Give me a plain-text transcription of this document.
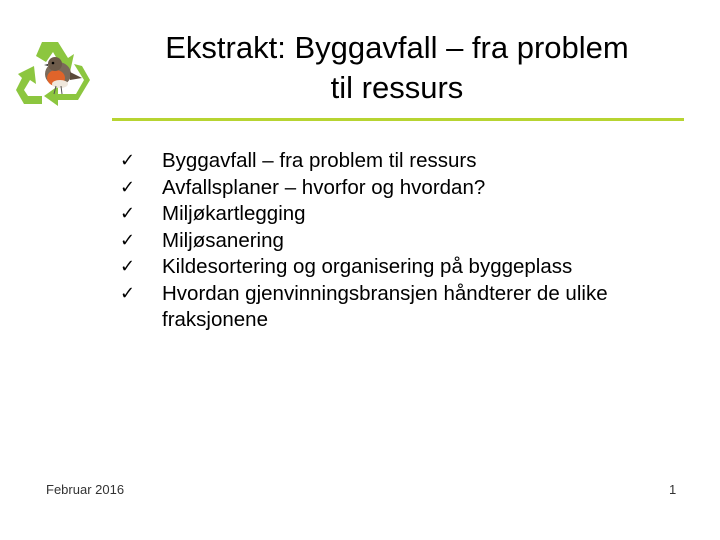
Ekstrakt: Byggavfall – fra problem
til ressurs
✓	Byggavfall – fra problem til ressurs
✓	Avfallsplaner – hvorfor og hvordan?
✓	Miljøkartlegging
✓	Miljøsanering
✓	Kildesortering og organisering på byggeplass
✓	Hvordan gjenvinningsbransjen håndterer de ulike fraksjonene
Februar 2016	1
